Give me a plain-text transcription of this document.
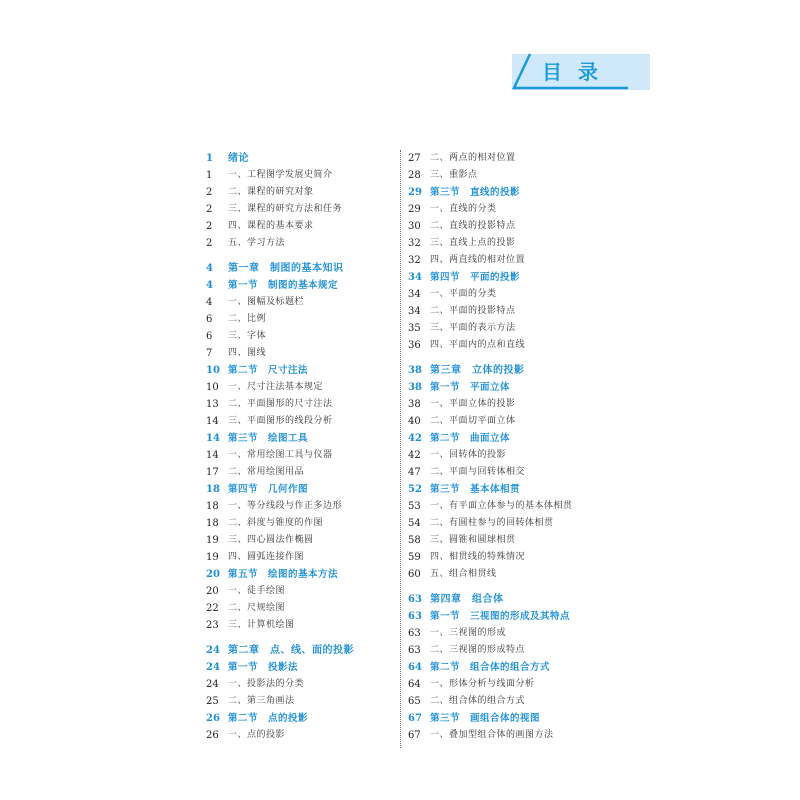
目录
1	绪论
1	一、工程图学发展史简介
2	二、课程的研究对象
2	三、课程的研究方法和任务
2	四、课程的基本要求
2	五、学习方法
4	第一章　制图的基本知识
4	第一节　制图的基本规定
4	一、图幅及标题栏
6	二、比例
6	三、字体
7	四、图线
10 第二节　尺寸注法
10	一、尺寸注法基本规定
13	二、平面图形的尺寸注法
14	三、平面图形的线段分析
14 第三节　绘图工具
14	一、常用绘图工具与仪器
17	二、常用绘图用品
18 第四节　几何作图
18	一、等分线段与作正多边形
18	二、斜度与锥度的作图
19	三、四心圆法作椭圆
19	四、圆弧连接作图
20 第五节　绘图的基本方法
20	一、徒手绘图
22	二、尺规绘图
23	三、计算机绘图
24 第二章　点、线、面的投影
24 第一节　投影法
24	一、投影法的分类
25	二、第三角画法
26 第二节　点的投影
26	一、点的投影
27	二、两点的相对位置
28	三、重影点
29 第三节　直线的投影
29	一、直线的分类
30	二、直线的投影特点
32	三、直线上点的投影
32	四、两直线的相对位置
34 第四节　平面的投影
34	一、平面的分类
34	二、平面的投影特点
35	三、平面的表示方法
36	四、平面内的点和直线
38 第三章　立体的投影
38 第一节　平面立体
38	一、平面立体的投影
40	二、平面切平面立体
42 第二节　曲面立体
42	一、回转体的投影
47	二、平面与回转体相交
52 第三节　基本体相贯
53	一、有平面立体参与的基本体相贯
54	二、有圆柱参与的回转体相贯
58	三、圆锥和圆球相贯
59	四、相贯线的特殊情况
60	五、组合相贯线
63 第四章　组合体
63 第一节　三视图的形成及其特点
63	一、三视图的形成
63	二、三视图的形成特点
64 第二节　组合体的组合方式
64	一、形体分析与线面分析
65	二、组合体的组合方式
67 第三节　画组合体的视图
67	一、叠加型组合体的画图方法
